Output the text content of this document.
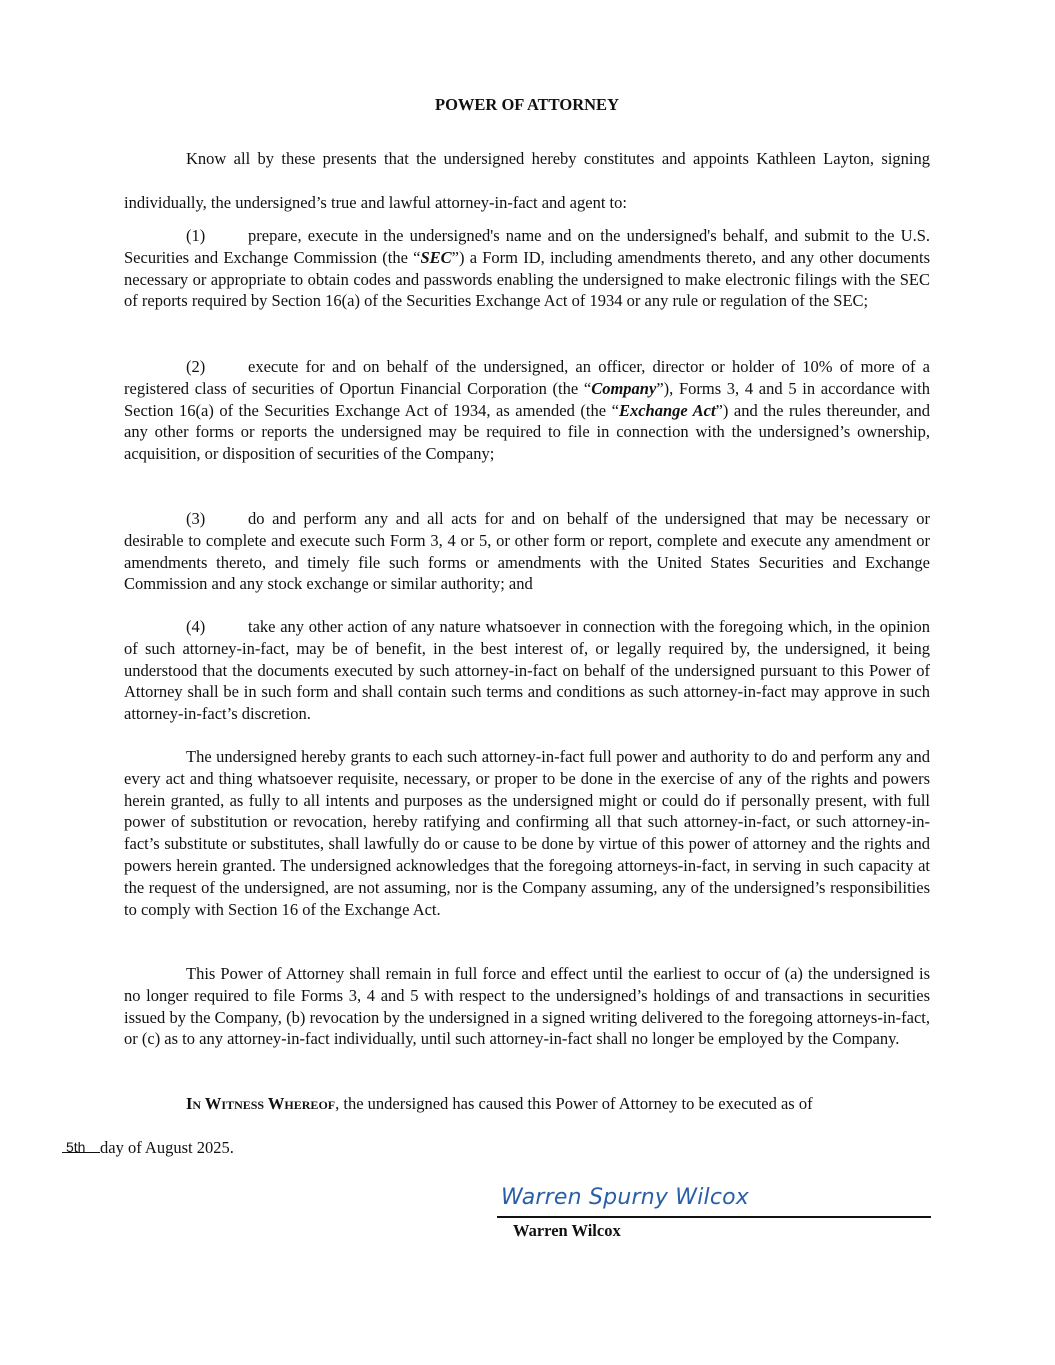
POWER OF ATTORNEY

Know all by these presents that the undersigned hereby constitutes and appoints Kathleen Layton, signing individually, the undersigned’s true and lawful attorney-in-fact and agent to:

(1)	prepare, execute in the undersigned's name and on the undersigned's behalf, and submit to the U.S. Securities and Exchange Commission (the “SEC”) a Form ID, including amendments thereto, and any other documents necessary or appropriate to obtain codes and passwords enabling the undersigned to make electronic filings with the SEC of reports required by Section 16(a) of the Securities Exchange Act of 1934 or any rule or regulation of the SEC;

(2)	execute for and on behalf of the undersigned, an officer, director or holder of 10% of more of a registered class of securities of Oportun Financial Corporation (the “Company”), Forms 3, 4 and 5 in accordance with Section 16(a) of the Securities Exchange Act of 1934, as amended (the “Exchange Act”) and the rules thereunder, and any other forms or reports the undersigned may be required to file in connection with the undersigned’s ownership, acquisition, or disposition of securities of the Company;

(3)	do and perform any and all acts for and on behalf of the undersigned that may be necessary or desirable to complete and execute such Form 3, 4 or 5, or other form or report, complete and execute any amendment or amendments thereto, and timely file such forms or amendments with the United States Securities and Exchange Commission and any stock exchange or similar authority; and

(4)	take any other action of any nature whatsoever in connection with the foregoing which, in the opinion of such attorney-in-fact, may be of benefit, in the best interest of, or legally required by, the undersigned, it being understood that the documents executed by such attorney-in-fact on behalf of the undersigned pursuant to this Power of Attorney shall be in such form and shall contain such terms and conditions as such attorney-in-fact may approve in such attorney-in-fact’s discretion.

The undersigned hereby grants to each such attorney-in-fact full power and authority to do and perform any and every act and thing whatsoever requisite, necessary, or proper to be done in the exercise of any of the rights and powers herein granted, as fully to all intents and purposes as the undersigned might or could do if personally present, with full power of substitution or revocation, hereby ratifying and confirming all that such attorney-in-fact, or such attorney-in-fact’s substitute or substitutes, shall lawfully do or cause to be done by virtue of this power of attorney and the rights and powers herein granted. The undersigned acknowledges that the foregoing attorneys-in-fact, in serving in such capacity at the request of the undersigned, are not assuming, nor is the Company assuming, any of the undersigned’s responsibilities to comply with Section 16 of the Exchange Act.

This Power of Attorney shall remain in full force and effect until the earliest to occur of (a) the undersigned is no longer required to file Forms 3, 4 and 5 with respect to the undersigned’s holdings of and transactions in securities issued by the Company, (b) revocation by the undersigned in a signed writing delivered to the foregoing attorneys-in-fact, or (c) as to any attorney-in-fact individually, until such attorney-in-fact shall no longer be employed by the Company.

In Witness Whereof, the undersigned has caused this Power of Attorney to be executed as of

5th day of August 2025.

Warren Spurny Wilcox
Warren Wilcox
